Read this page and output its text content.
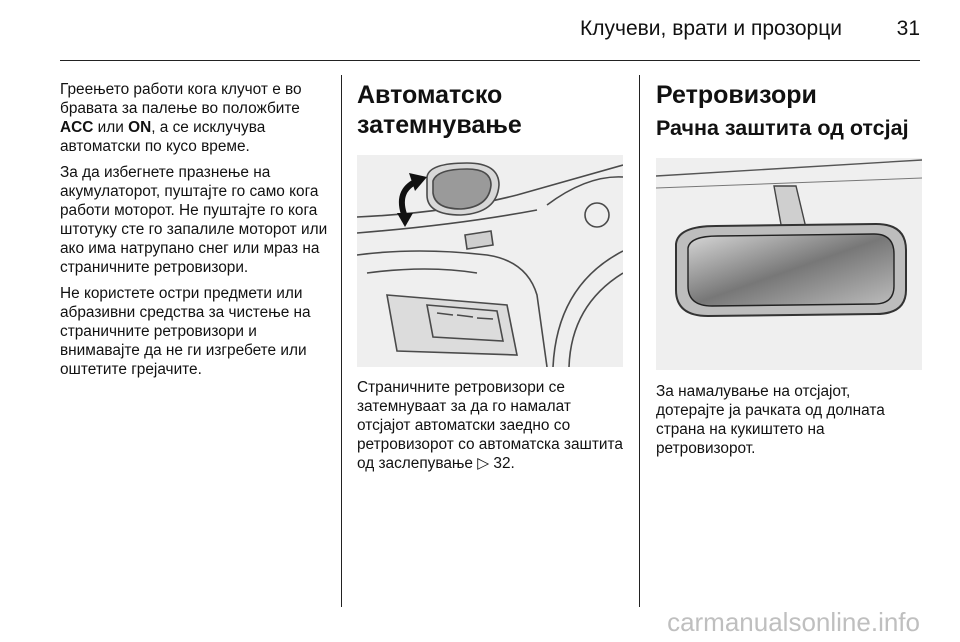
Клучеви, врати и прозорци	31

Греењето работи кога клучот е во бравата за палење во положбите ACC или ON, а се исклучува автоматски по кусо време.

За да избегнете празнење на акумулаторот, пуштајте го само кога работи моторот. Не пуштајте го кога штотуку сте го запалиле моторот или ако има натрупано снег или мраз на страничните ретровизори.

Не користете остри предмети или абразивни средства за чистење на страничните ретровизори и внимавајте да не ги изгребете или оштетите грејачите.

Автоматско
затемнување

Страничните ретровизори се затемнуваат за да го намалат отсјајот автоматски заедно со ретровизорот со автоматска заштита од заслепување ▷ 32.

Ретровизори
Рачна заштита од отсјај

За намалување на отсјајот, дотерајте ја рачката од долната страна на кукиштето на ретровизорот.

carmanualsonline.info
